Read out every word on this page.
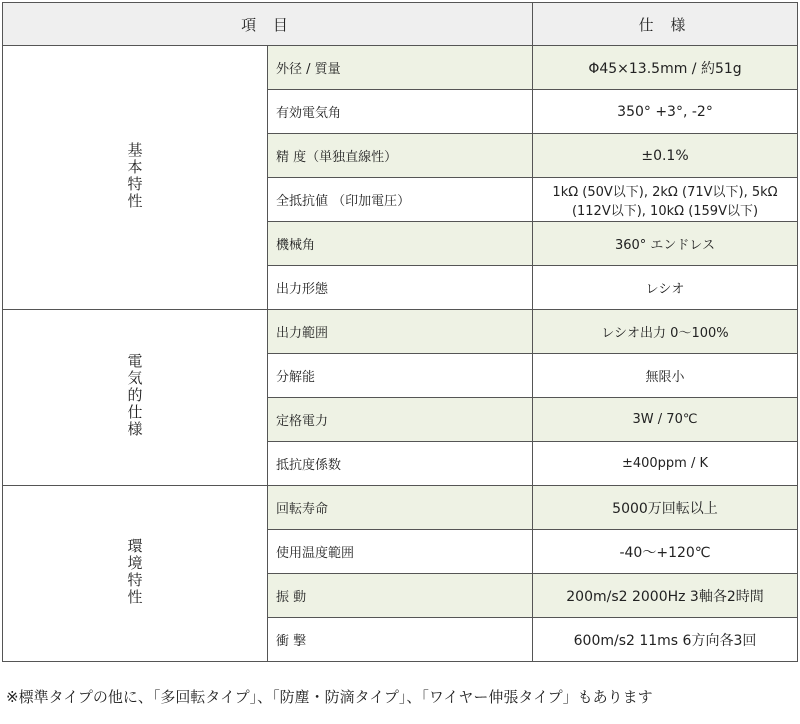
項 目		仕 様
基本特性	外径 / 質量	Φ45×13.5mm / 約51g
	有効電気角	350° +3°, -2°
	精 度（単独直線性）	±0.1%
	全抵抗値 （印加電圧）	1kΩ (50V以下), 2kΩ (71V以下), 5kΩ (112V以下), 10kΩ (159V以下)
	機械角	360° エンドレス
	出力形態	レシオ
電気的仕様	出力範囲	レシオ出力 0～100%
	分解能	無限小
	定格電力	3W / 70℃
	抵抗度係数	±400ppm / K
環境特性	回転寿命	5000万回転以上
	使用温度範囲	-40～+120℃
	振 動	200m/s2 2000Hz 3軸各2時間
	衝 撃	600m/s2 11ms 6方向各3回
※標準タイプの他に、「多回転タイプ」、「防塵・防滴タイプ」、「ワイヤー伸張タイプ」もあります
